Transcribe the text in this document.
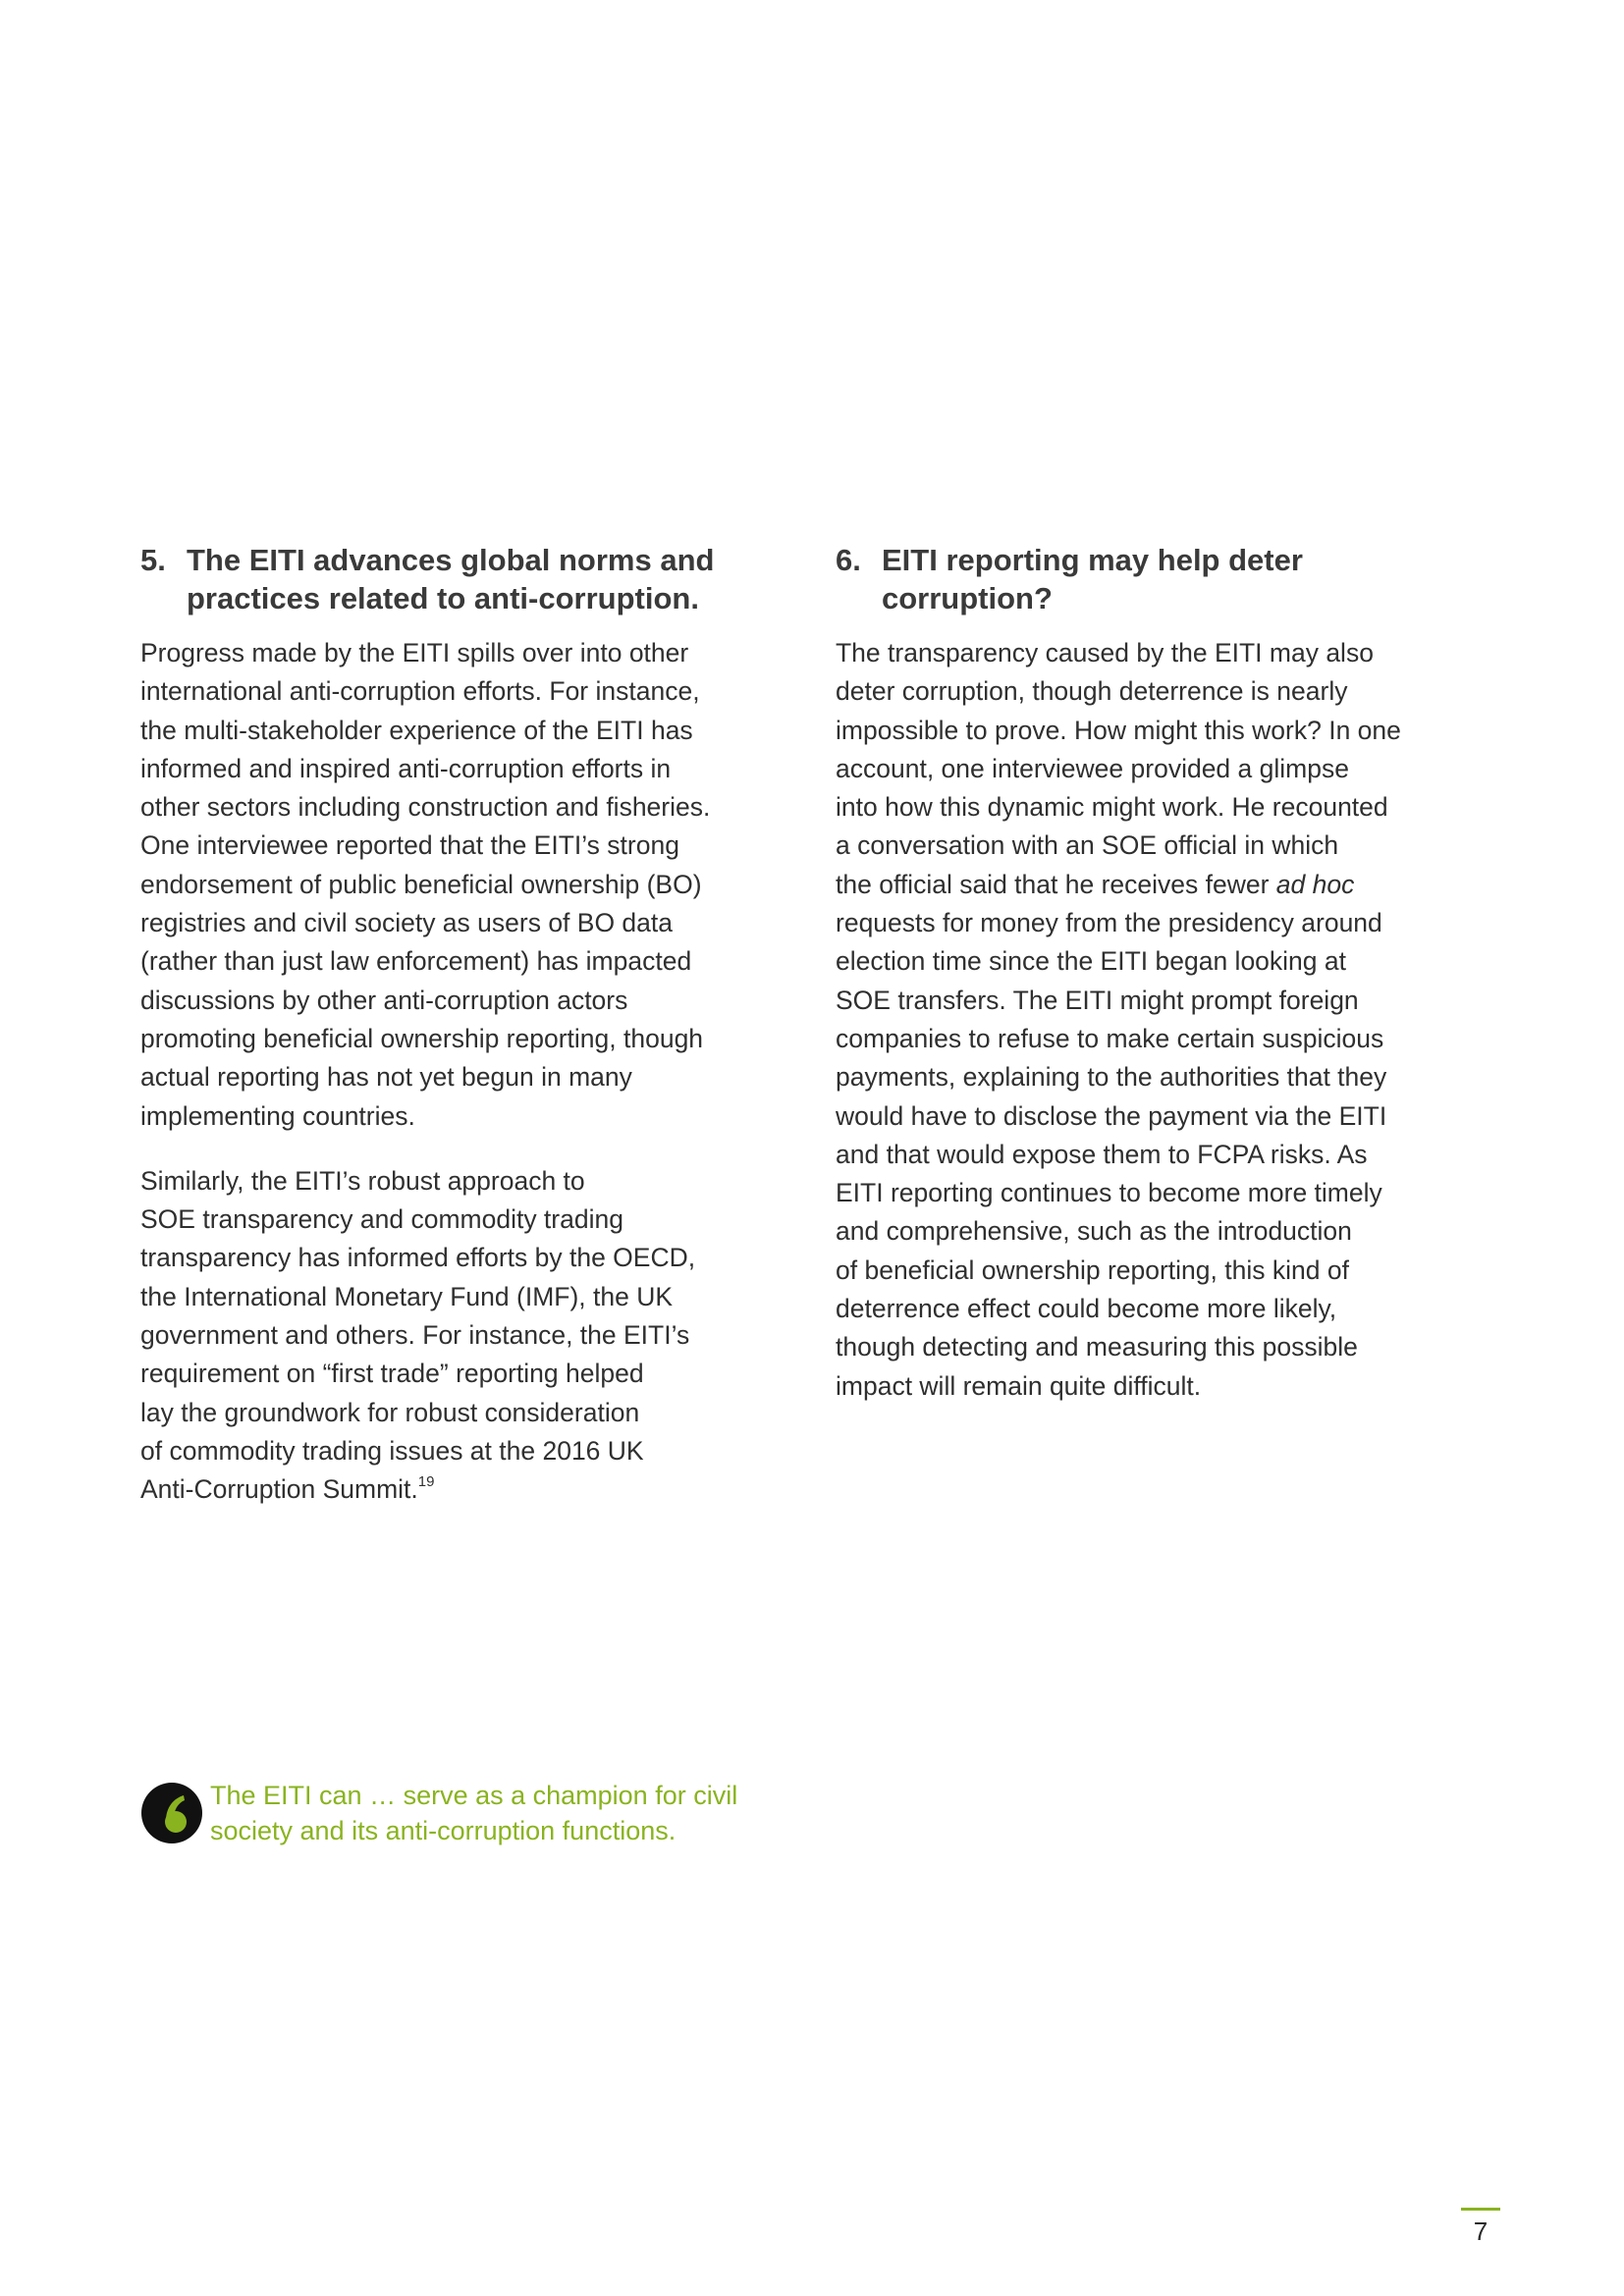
5. The EITI advances global norms and
practices related to anti-corruption.

Progress made by the EITI spills over into other
international anti-corruption efforts. For instance,
the multi-stakeholder experience of the EITI has
informed and inspired anti-corruption efforts in
other sectors including construction and fisheries.
One interviewee reported that the EITI’s strong
endorsement of public beneficial ownership (BO)
registries and civil society as users of BO data
(rather than just law enforcement) has impacted
discussions by other anti-corruption actors
promoting beneficial ownership reporting, though
actual reporting has not yet begun in many
implementing countries.

Similarly, the EITI’s robust approach to
SOE transparency and commodity trading
transparency has informed efforts by the OECD,
the International Monetary Fund (IMF), the UK
government and others. For instance, the EITI’s
requirement on “first trade” reporting helped
lay the groundwork for robust consideration
of commodity trading issues at the 2016 UK
Anti-Corruption Summit.$^{19}$

6. EITI reporting may help deter
corruption?

The transparency caused by the EITI may also
deter corruption, though deterrence is nearly
impossible to prove. How might this work? In one
account, one interviewee provided a glimpse
into how this dynamic might work. He recounted
a conversation with an SOE official in which
the official said that he receives fewer ad hoc
requests for money from the presidency around
election time since the EITI began looking at
SOE transfers. The EITI might prompt foreign
companies to refuse to make certain suspicious
payments, explaining to the authorities that they
would have to disclose the payment via the EITI
and that would expose them to FCPA risks. As
EITI reporting continues to become more timely
and comprehensive, such as the introduction
of beneficial ownership reporting, this kind of
deterrence effect could become more likely,
though detecting and measuring this possible
impact will remain quite difficult.

The EITI can … serve as a champion for civil
society and its anti-corruption functions.
7
